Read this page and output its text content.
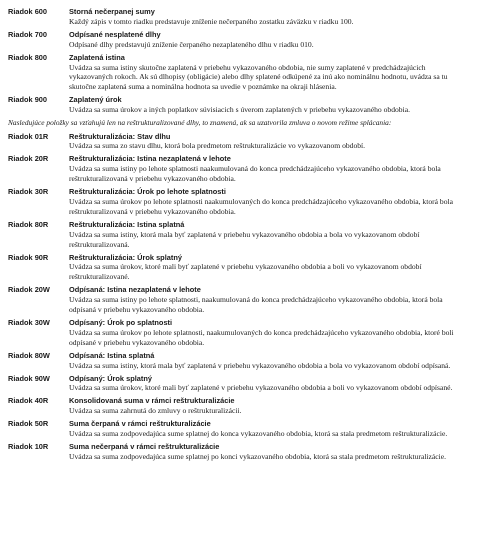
Riadok 600	Storná nečerpanej sumy
Každý zápis v tomto riadku predstavuje zníženie nečerpaného zostatku záväzku v riadku 100.
Riadok 700	Odpísané nesplatené dlhy
Odpísané dlhy predstavujú zníženie čerpaného nezaplateného dlhu v riadku 010.
Riadok 800	Zaplatená istina
Uvádza sa suma istiny skutočne zaplatená v priebehu vykazovaného obdobia, nie sumy zaplatené v predchádzajúcich vykazovaných rokoch. Ak sú dlhopisy (obligácie) alebo dlhy splatené odkúpené za inú ako nominálnu hodnotu, uvádza sa tu skutočne zaplatená suma a nominálna hodnota sa uvedie v poznámke na okraji hlásenia.
Riadok 900	Zaplatený úrok
Uvádza sa suma úrokov a iných poplatkov súvisiacich s úverom zaplatených v priebehu vykazovaného obdobia.
Nasledujúce položky sa vzťahujú len na reštrukturalizované dlhy, to znamená, ak sa uzatvorila zmluva o novom režime splácania:
Riadok 01R	Reštrukturalizácia: Stav dlhu
Uvádza sa suma zo stavu dlhu, ktorá bola predmetom reštrukturalizácie vo vykazovanom období.
Riadok 20R	Reštrukturalizácia: Istina nezaplatená v lehote
Uvádza sa suma istiny po lehote splatnosti naakumulovaná do konca predchádzajúceho vykazovaného obdobia, ktorá bola reštrukturalizovaná v priebehu vykazovaného obdobia.
Riadok 30R	Reštrukturalizácia: Úrok po lehote splatnosti
Uvádza sa suma úrokov po lehote splatnosti naakumulovaných do konca predchádzajúceho vykazovaného obdobia, ktorá bola reštrukturalizovaná v priebehu vykazovaného obdobia.
Riadok 80R	Reštrukturalizácia: Istina splatná
Uvádza sa suma istiny, ktorá mala byť zaplatená v priebehu vykazovaného obdobia a bola vo vykazovanom období reštrukturalizovaná.
Riadok 90R	Reštrukturalizácia: Úrok splatný
Uvádza sa suma úrokov, ktoré mali byť zaplatené v priebehu vykazovaného obdobia a boli vo vykazovanom období reštrukturalizované.
Riadok 20W	Odpísaná: Istina nezaplatená v lehote
Uvádza sa suma istiny po lehote splatnosti, naakumulovaná do konca predchádzajúceho vykazovaného obdobia, ktorá bola odpísaná v priebehu vykazovaného obdobia.
Riadok 30W	Odpísaný: Úrok po splatnosti
Uvádza sa suma úrokov po lehote splatnosti, naakumulovaných do konca predchádzajúceho vykazovaného obdobia, ktoré boli odpísané v priebehu vykazovaného obdobia.
Riadok 80W	Odpísaná: Istina splatná
Uvádza sa suma istiny, ktorá mala byť zaplatená v priebehu vykazovaného obdobia a bola vo vykazovanom období odpísaná.
Riadok 90W	Odpísaný: Úrok splatný
Uvádza sa suma úrokov, ktoré mali byť zaplatené v priebehu vykazovaného obdobia a boli vo vykazovanom období odpísané.
Riadok 40R	Konsolidovaná suma v rámci reštrukturalizácie
Uvádza sa suma zahrnutá do zmluvy o reštrukturalizácii.
Riadok 50R	Suma čerpaná v rámci reštrukturalizácie
Uvádza sa suma zodpovedajúca sume splatnej do konca vykazovaného obdobia, ktorá sa stala predmetom reštrukturalizácie.
Riadok 10R	Suma nečerpaná v rámci reštrukturalizácie
Uvádza sa suma zodpovedajúca sume splatnej po konci vykazovaného obdobia, ktorá sa stala predmetom reštrukturalizácie.
